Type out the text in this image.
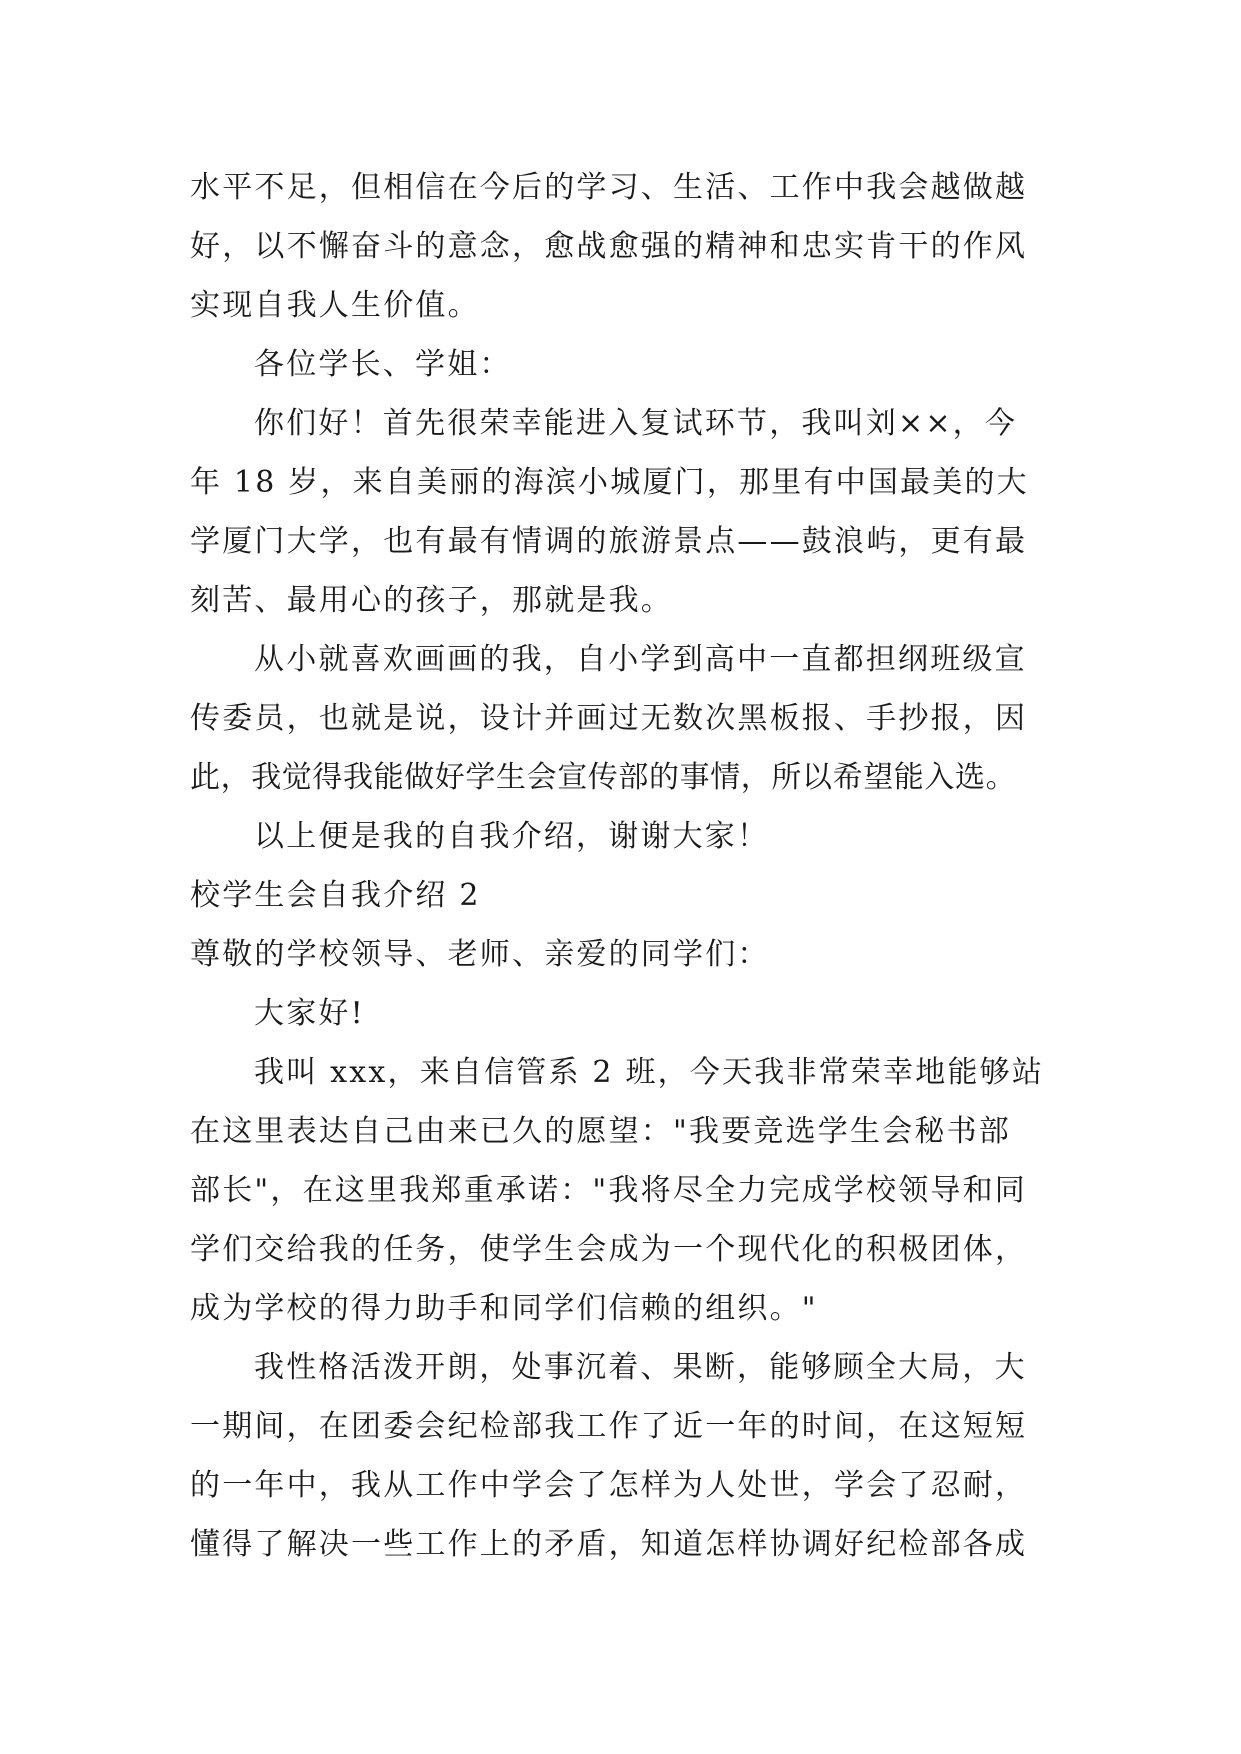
水平不足，但相信在今后的学习、生活、工作中我会越做越
好，以不懈奋斗的意念，愈战愈强的精神和忠实肯干的作风
实现自我人生价值。
各位学长、学姐：
你们好！首先很荣幸能进入复试环节，我叫刘××，今
年 18 岁，来自美丽的海滨小城厦门，那里有中国最美的大
学厦门大学，也有最有情调的旅游景点——鼓浪屿，更有最
刻苦、最用心的孩子，那就是我。
从小就喜欢画画的我，自小学到高中一直都担纲班级宣
传委员，也就是说，设计并画过无数次黑板报、手抄报，因
此，我觉得我能做好学生会宣传部的事情，所以希望能入选。
以上便是我的自我介绍，谢谢大家！
校学生会自我介绍 2
尊敬的学校领导、老师、亲爱的同学们：
大家好!
我叫 xxx，来自信管系 2 班，今天我非常荣幸地能够站
在这里表达自己由来已久的愿望："我要竞选学生会秘书部
部长"，在这里我郑重承诺："我将尽全力完成学校领导和同
学们交给我的任务，使学生会成为一个现代化的积极团体，
成为学校的得力助手和同学们信赖的组织。"
我性格活泼开朗，处事沉着、果断，能够顾全大局，大
一期间，在团委会纪检部我工作了近一年的时间，在这短短
的一年中，我从工作中学会了怎样为人处世，学会了忍耐，
懂得了解决一些工作上的矛盾，知道怎样协调好纪检部各成
